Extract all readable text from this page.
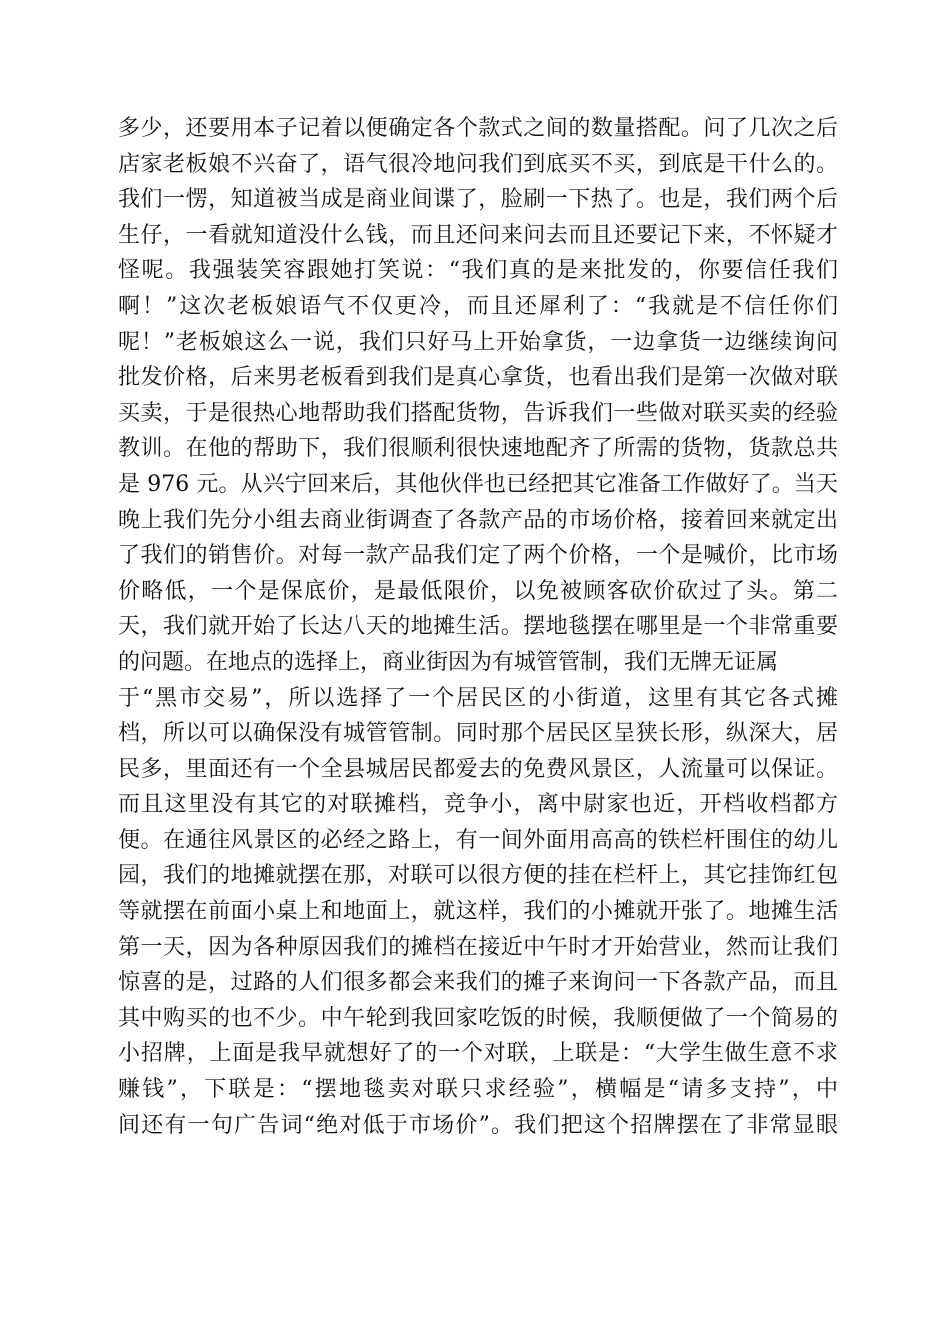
多少，还要用本子记着以便确定各个款式之间的数量搭配。问了几次之后
店家老板娘不兴奋了，语气很冷地问我们到底买不买，到底是干什么的。
我们一愣，知道被当成是商业间谍了，脸刷一下热了。也是，我们两个后
生仔，一看就知道没什么钱，而且还问来问去而且还要记下来，不怀疑才
怪呢。我强装笑容跟她打笑说：“我们真的是来批发的，你要信任我们
啊！”这次老板娘语气不仅更冷，而且还犀利了：“我就是不信任你们
呢！”老板娘这么一说，我们只好马上开始拿货，一边拿货一边继续询问
批发价格，后来男老板看到我们是真心拿货，也看出我们是第一次做对联
买卖，于是很热心地帮助我们搭配货物，告诉我们一些做对联买卖的经验
教训。在他的帮助下，我们很顺利很快速地配齐了所需的货物，货款总共
是 976 元。从兴宁回来后，其他伙伴也已经把其它准备工作做好了。当天
晚上我们先分小组去商业街调查了各款产品的市场价格，接着回来就定出
了我们的销售价。对每一款产品我们定了两个价格，一个是喊价，比市场
价略低，一个是保底价，是最低限价，以免被顾客砍价砍过了头。第二
天，我们就开始了长达八天的地摊生活。摆地毯摆在哪里是一个非常重要
的问题。在地点的选择上，商业街因为有城管管制，我们无牌无证属
于“黑市交易”，所以选择了一个居民区的小街道，这里有其它各式摊
档，所以可以确保没有城管管制。同时那个居民区呈狭长形，纵深大，居
民多，里面还有一个全县城居民都爱去的免费风景区，人流量可以保证。
而且这里没有其它的对联摊档，竞争小，离中尉家也近，开档收档都方
便。在通往风景区的必经之路上，有一间外面用高高的铁栏杆围住的幼儿
园，我们的地摊就摆在那，对联可以很方便的挂在栏杆上，其它挂饰红包
等就摆在前面小桌上和地面上，就这样，我们的小摊就开张了。地摊生活
第一天，因为各种原因我们的摊档在接近中午时才开始营业，然而让我们
惊喜的是，过路的人们很多都会来我们的摊子来询问一下各款产品，而且
其中购买的也不少。中午轮到我回家吃饭的时候，我顺便做了一个简易的
小招牌，上面是我早就想好了的一个对联，上联是：“大学生做生意不求
赚钱”，下联是：“摆地毯卖对联只求经验”，横幅是“请多支持”，中
间还有一句广告词“绝对低于市场价”。我们把这个招牌摆在了非常显眼
